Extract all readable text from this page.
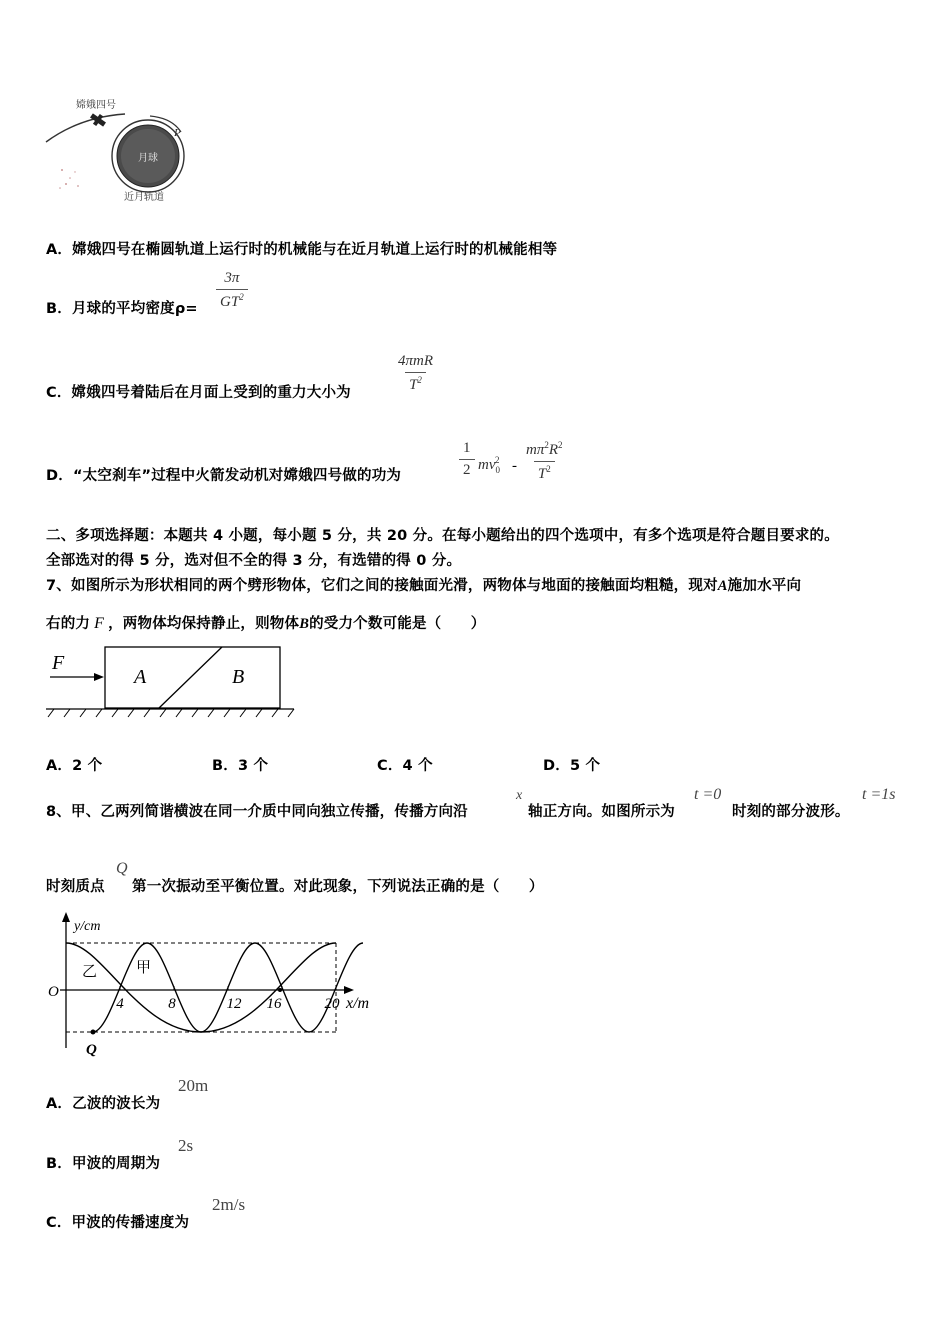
月球
嫦娥四号
P
近月轨道
A．嫦娥四号在椭圆轨道上运行时的机械能与在近月轨道上运行时的机械能相等
B．月球的平均密度$\rho= \frac{3\pi}{GT^2}$
C．嫦娥四号着陆后在月面上受到的重力大小为
4πmR
$T^2$
D．“太空刹车”过程中火箭发动机对嫦娥四号做的功为	$\frac{1}{2} mv_0^2 - \frac{m\pi^2R^2}{T^2}$
二、多项选择题：本题共 4 小题，每小题 5 分，共 20 分。在每小题给出的四个选项中，有多个选项是符合题目要求的。
全部选对的得 5 分，选对但不全的得 3 分，有选错的得 0 分。
7、如图所示为形状相同的两个劈形物体，它们之间的接触面光滑，两物体与地面的接触面均粗糙，现对A施加水平向
右的力 F ，两物体均保持静止，则物体B的受力个数可能是（　　）
F
A	B
A．2 个	B．3 个	C．4 个	D．5 个
8、甲、乙两列简谐横波在同一介质中同向独立传播，传播方向沿
x
轴正方向。如图所示为
t =0
时刻的部分波形。
t =1s
时刻质点
Q
第一次振动至平衡位置。对此现象，下列说法正确的是（　　）
y/cm
x/m
O
4	8	12 16	20
乙	甲
Q
A．乙波的波长为
20m
B．甲波的周期为
2s
C．甲波的传播速度为
2m/s
